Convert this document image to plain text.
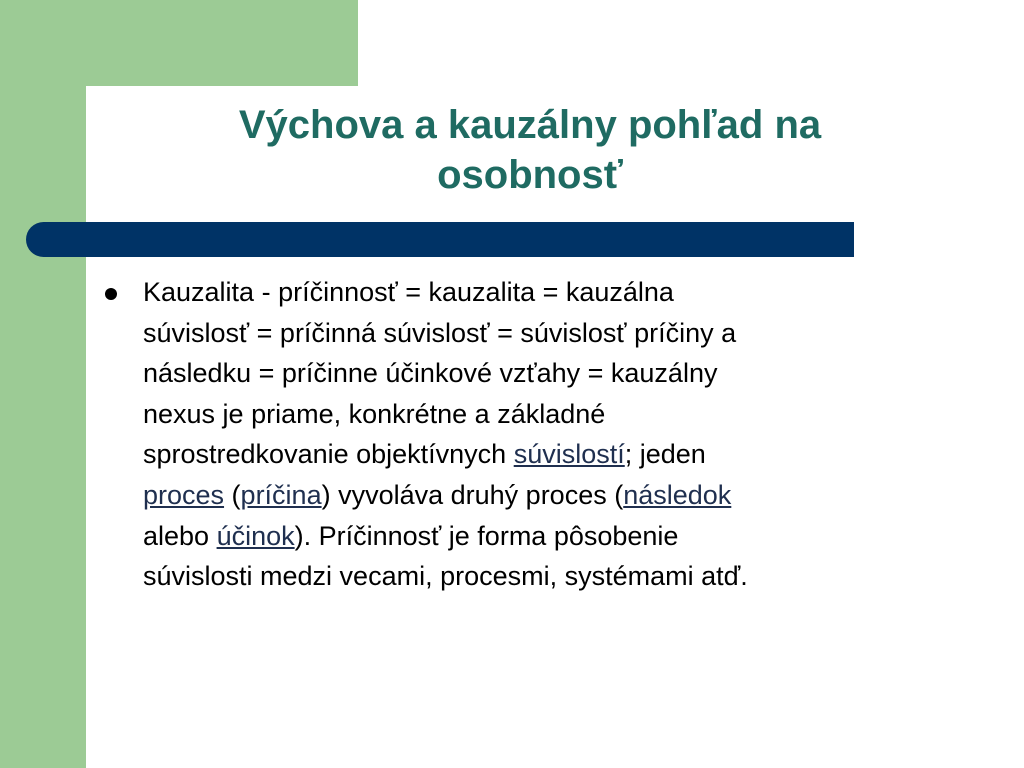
Výchova a kauzálny pohľad na
osobnosť
Kauzalita - príčinnosť = kauzalita = kauzálna
súvislosť = príčinná súvislosť = súvislosť príčiny a
následku = príčinne účinkové vzťahy = kauzálny
nexus je priame, konkrétne a základné
sprostredkovanie objektívnych súvislostí; jeden
proces (príčina) vyvoláva druhý proces (následok
alebo účinok). Príčinnosť je forma pôsobenie
súvislosti medzi vecami, procesmi, systémami atď.
